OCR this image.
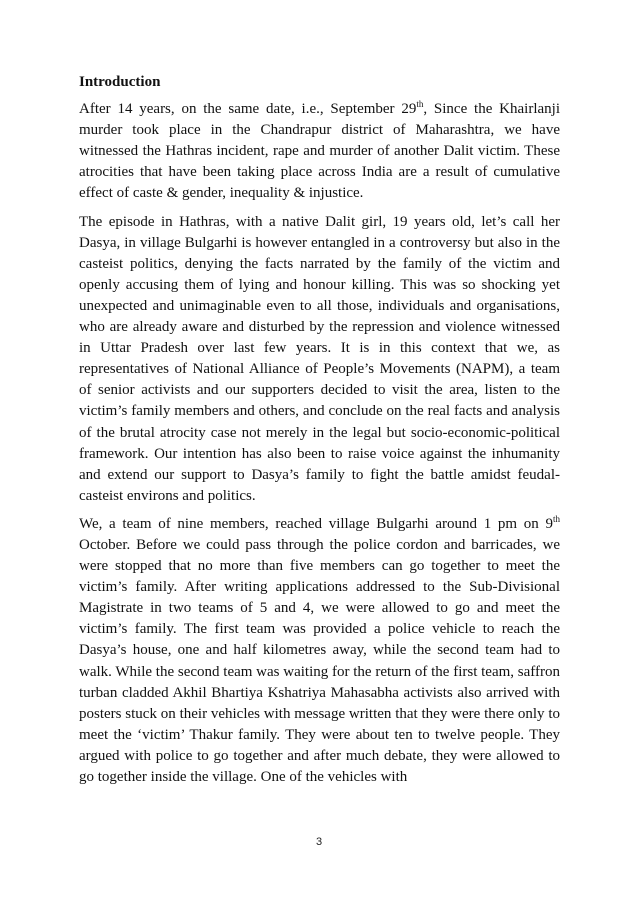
Introduction
After 14 years, on the same date, i.e., September 29th, Since the Khairlanji murder took place in the Chandrapur district of Maharashtra, we have witnessed the Hathras incident, rape and murder of another Dalit victim. These atrocities that have been taking place across India are a result of cumulative effect of caste & gender, inequality & injustice.
The episode in Hathras, with a native Dalit girl, 19 years old, let’s call her Dasya, in village Bulgarhi is however entangled in a controversy but also in the casteist politics, denying the facts narrated by the family of the victim and openly accusing them of lying and honour killing. This was so shocking yet unexpected and unimaginable even to all those, individuals and organisations, who are already aware and disturbed by the repression and violence witnessed in Uttar Pradesh over last few years. It is in this context that we, as representatives of National Alliance of People’s Movements (NAPM), a team of senior activists and our supporters decided to visit the area, listen to the victim’s family members and others, and conclude on the real facts and analysis of the brutal atrocity case not merely in the legal but socio-economic-political framework. Our intention has also been to raise voice against the inhumanity and extend our support to Dasya’s family to fight the battle amidst feudal-casteist environs and politics.
We, a team of nine members, reached village Bulgarhi around 1 pm on 9th October. Before we could pass through the police cordon and barricades, we were stopped that no more than five members can go together to meet the victim’s family. After writing applications addressed to the Sub-Divisional Magistrate in two teams of 5 and 4, we were allowed to go and meet the victim’s family. The first team was provided a police vehicle to reach the Dasya’s house, one and half kilometres away, while the second team had to walk. While the second team was waiting for the return of the first team, saffron turban cladded Akhil Bhartiya Kshatriya Mahasabha activists also arrived with posters stuck on their vehicles with message written that they were there only to meet the ‘victim’ Thakur family. They were about ten to twelve people. They argued with police to go together and after much debate, they were allowed to go together inside the village. One of the vehicles with
3
